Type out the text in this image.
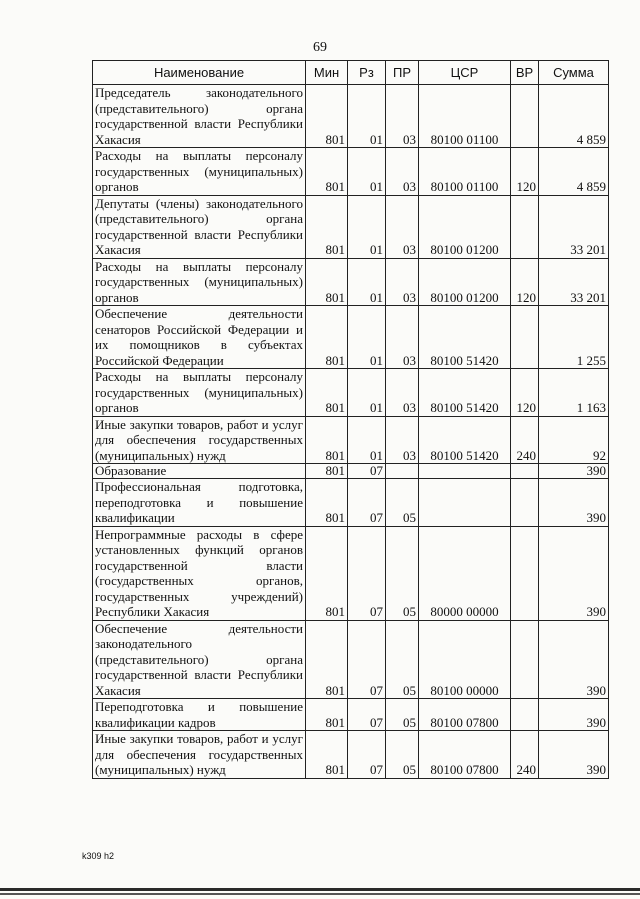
69
Наименование	Мин	Рз	ПР	ЦСР	ВР	Сумма
Председатель законодательного (представительного) органа государственной власти Республики Хакасия	801	01	03	80100 01100		4 859
Расходы на выплаты персоналу государственных (муниципальных) органов	801	01	03	80100 01100	120	4 859
Депутаты (члены) законодательного (представительного) органа государственной власти Республики Хакасия	801	01	03	80100 01200		33 201
Расходы на выплаты персоналу государственных (муниципальных) органов	801	01	03	80100 01200	120	33 201
Обеспечение деятельности сенаторов Российской Федерации и их помощников в субъектах Российской Федерации	801	01	03	80100 51420		1 255
Расходы на выплаты персоналу государственных (муниципальных) органов	801	01	03	80100 51420	120	1 163
Иные закупки товаров, работ и услуг для обеспечения государственных (муниципальных) нужд	801	01	03	80100 51420	240	92
Образование	801	07				390
Профессиональная подготовка, переподготовка и повышение квалификации	801	07	05			390
Непрограммные расходы в сфере установленных функций органов государственной власти (государственных органов, государственных учреждений) Республики Хакасия	801	07	05	80000 00000		390
Обеспечение деятельности законодательного (представительного) органа государственной власти Республики Хакасия	801	07	05	80100 00000		390
Переподготовка и повышение квалификации кадров	801	07	05	80100 07800		390
Иные закупки товаров, работ и услуг для обеспечения государственных (муниципальных) нужд	801	07	05	80100 07800	240	390
k309 h2
